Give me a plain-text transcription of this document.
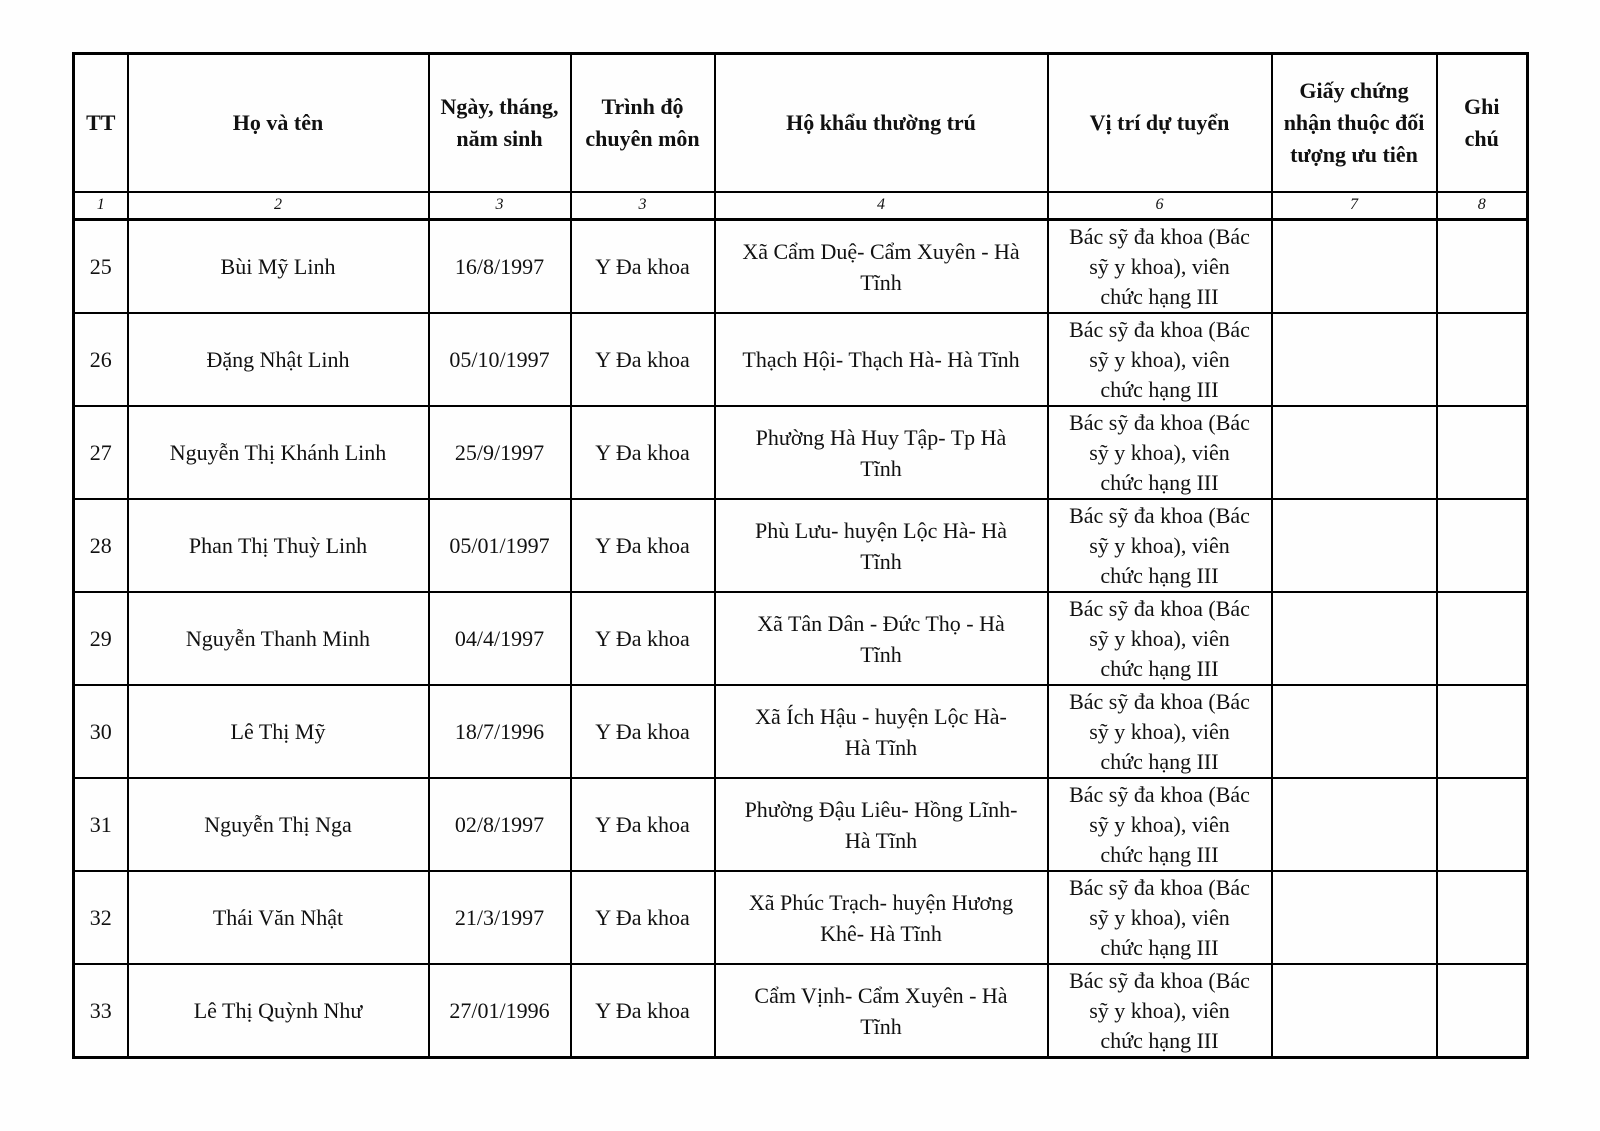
TT	Họ và tên	Ngày, tháng, năm sinh	Trình độ chuyên môn	Hộ khẩu thường trú	Vị trí dự tuyển	Giấy chứng nhận thuộc đối tượng ưu tiên	Ghi chú

1	2	3	3	4	6	7	8
25	Bùi Mỹ Linh	16/8/1997	Y Đa khoa	Xã Cẩm Duệ- Cẩm Xuyên - Hà Tĩnh	Bác sỹ đa khoa (Bác sỹ y khoa), viên chức hạng III		

26	Đặng Nhật Linh	05/10/1997	Y Đa khoa	Thạch Hội- Thạch Hà- Hà Tĩnh	Bác sỹ đa khoa (Bác sỹ y khoa), viên chức hạng III		

27	Nguyễn Thị Khánh Linh	25/9/1997	Y Đa khoa	Phường Hà Huy Tập- Tp Hà Tĩnh	Bác sỹ đa khoa (Bác sỹ y khoa), viên chức hạng III		

28	Phan Thị Thuỳ Linh	05/01/1997	Y Đa khoa	Phù Lưu- huyện Lộc Hà- Hà Tĩnh	Bác sỹ đa khoa (Bác sỹ y khoa), viên chức hạng III		

29	Nguyễn Thanh Minh	04/4/1997	Y Đa khoa	Xã Tân Dân - Đức Thọ - Hà Tĩnh	Bác sỹ đa khoa (Bác sỹ y khoa), viên chức hạng III		

30	Lê Thị Mỹ	18/7/1996	Y Đa khoa	Xã Ích Hậu - huyện Lộc Hà- Hà Tĩnh	Bác sỹ đa khoa (Bác sỹ y khoa), viên chức hạng III		

31	Nguyễn Thị Nga	02/8/1997	Y Đa khoa	Phường Đậu Liêu- Hồng Lĩnh- Hà Tĩnh	Bác sỹ đa khoa (Bác sỹ y khoa), viên chức hạng III		

32	Thái Văn Nhật	21/3/1997	Y Đa khoa	Xã Phúc Trạch- huyện Hương Khê- Hà Tĩnh	Bác sỹ đa khoa (Bác sỹ y khoa), viên chức hạng III		

33	Lê Thị Quỳnh Như	27/01/1996	Y Đa khoa	Cẩm Vịnh- Cẩm Xuyên - Hà Tĩnh	Bác sỹ đa khoa (Bác sỹ y khoa), viên chức hạng III		
